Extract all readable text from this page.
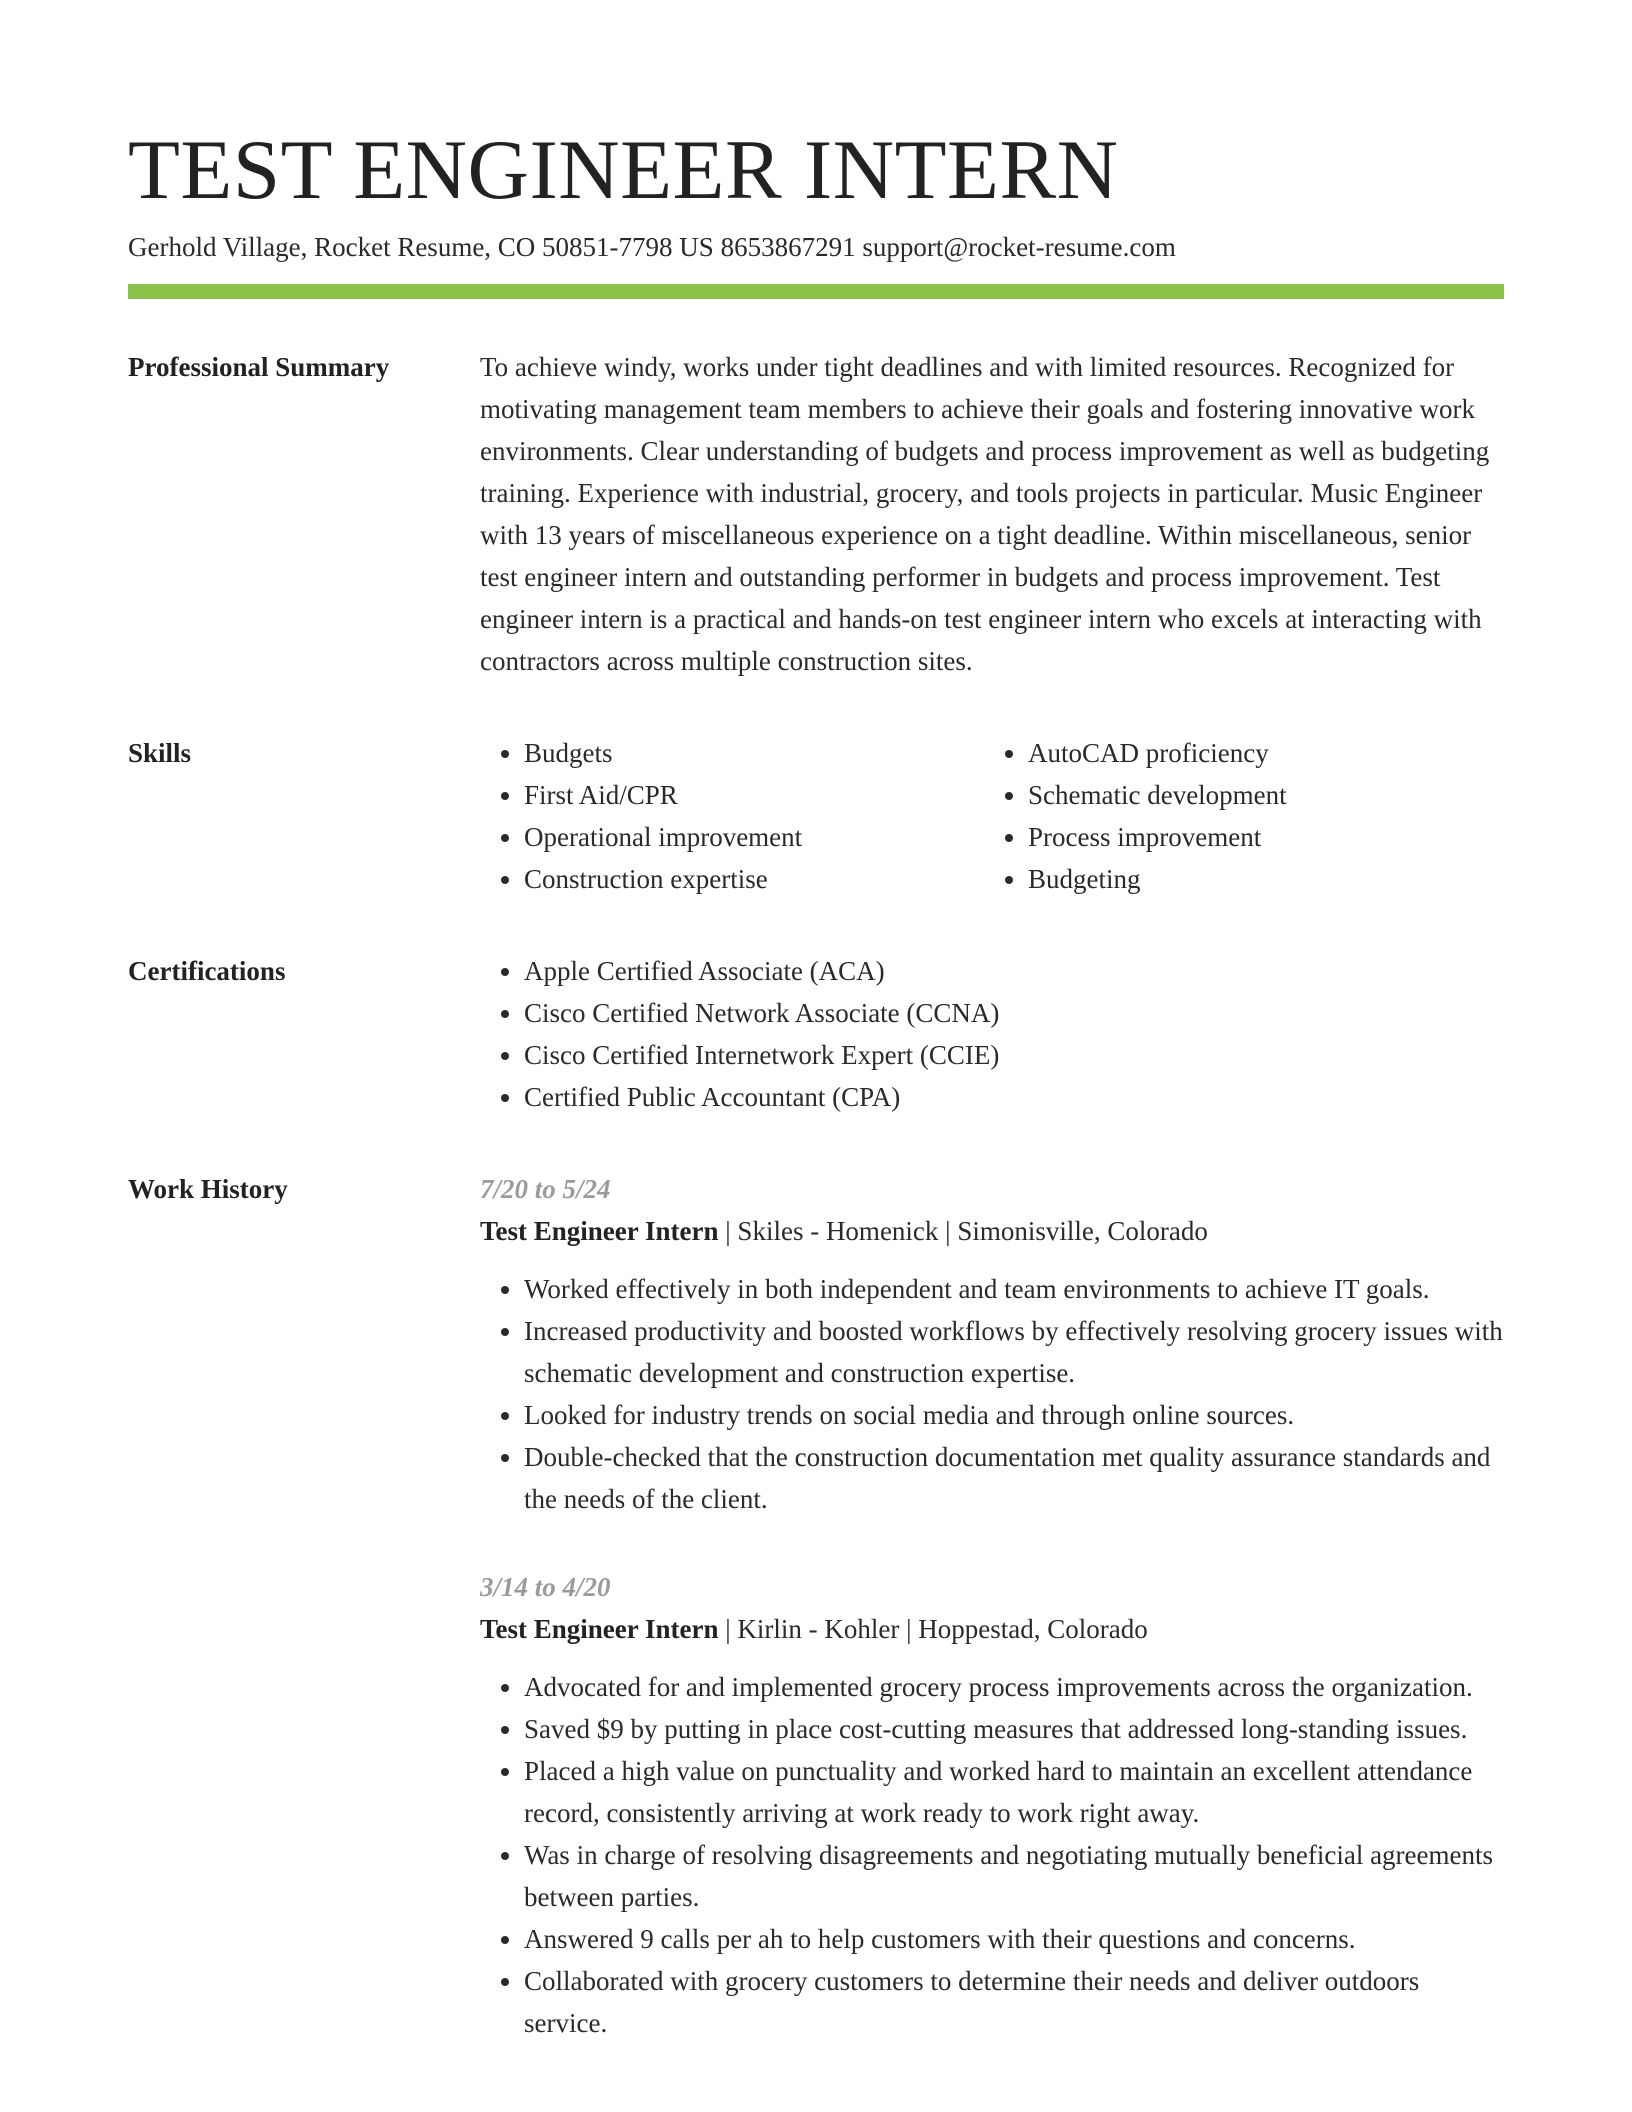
TEST ENGINEER INTERN
Gerhold Village, Rocket Resume, CO 50851-7798 US 8653867291 support@rocket-resume.com
Professional Summary	To achieve windy, works under tight deadlines and with limited resources. Recognized for motivating management team members to achieve their goals and fostering innovative work environments. Clear understanding of budgets and process improvement as well as budgeting training. Experience with industrial, grocery, and tools projects in particular. Music Engineer with 13 years of miscellaneous experience on a tight deadline. Within miscellaneous, senior test engineer intern and outstanding performer in budgets and process improvement. Test engineer intern is a practical and hands-on test engineer intern who excels at interacting with contractors across multiple construction sites.

Skills	• Budgets
• First Aid/CPR
• Operational improvement
• Construction expertise
• AutoCAD proficiency
• Schematic development
• Process improvement
• Budgeting
Certifications	• Apple Certified Associate (ACA)
• Cisco Certified Network Associate (CCNA)
• Cisco Certified Internetwork Expert (CCIE)
• Certified Public Accountant (CPA)
Work History	7/20 to 5/24
Test Engineer Intern | Skiles - Homenick | Simonisville, Colorado
• Worked effectively in both independent and team environments to achieve IT goals.
• Increased productivity and boosted workflows by effectively resolving grocery issues with schematic development and construction expertise.
• Looked for industry trends on social media and through online sources.
• Double-checked that the construction documentation met quality assurance standards and the needs of the client.
3/14 to 4/20
Test Engineer Intern | Kirlin - Kohler | Hoppestad, Colorado
• Advocated for and implemented grocery process improvements across the organization.
• Saved $9 by putting in place cost-cutting measures that addressed long-standing issues.
• Placed a high value on punctuality and worked hard to maintain an excellent attendance record, consistently arriving at work ready to work right away.
• Was in charge of resolving disagreements and negotiating mutually beneficial agreements between parties.
• Answered 9 calls per ah to help customers with their questions and concerns.
• Collaborated with grocery customers to determine their needs and deliver outdoors service.
